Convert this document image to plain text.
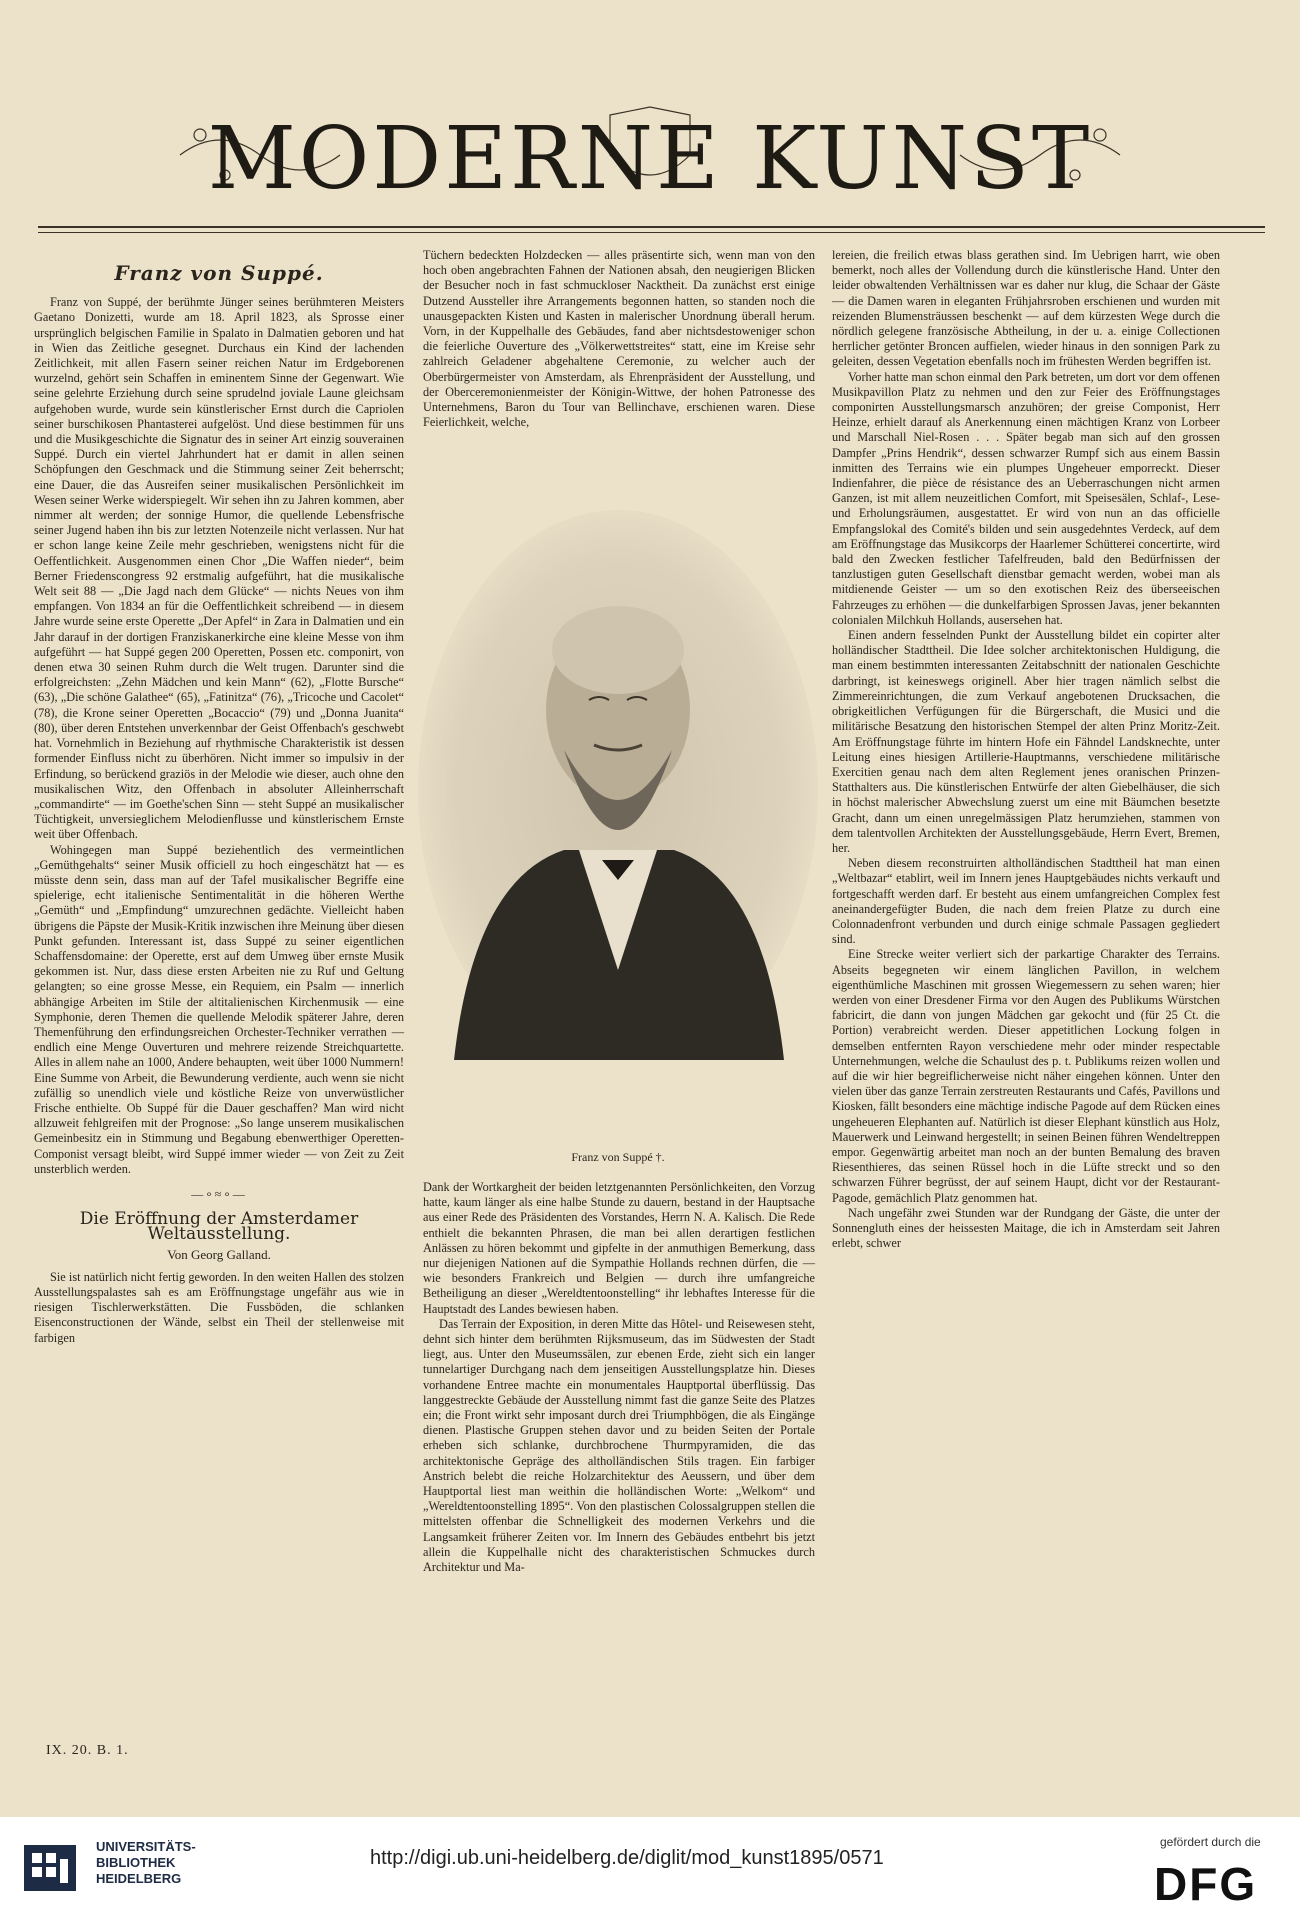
MODERNE KUNST
Franz von Suppé.

Franz von Suppé, der berühmte Jünger seines berühmteren Meisters Gaetano Donizetti, wurde am 18. April 1823, als Sprosse einer ursprünglich belgischen Familie in Spalato in Dalmatien geboren und hat in Wien das Zeitliche gesegnet. Durchaus ein Kind der lachenden Zeitlichkeit, mit allen Fasern seiner reichen Natur im Erdgeborenen wurzelnd, gehört sein Schaffen in eminentem Sinne der Gegenwart. Wie seine gelehrte Erziehung durch seine sprudelnd joviale Laune gleichsam aufgehoben wurde, wurde sein künstlerischer Ernst durch die Capriolen seiner burschikosen Phantasterei aufgelöst. Und diese bestimmen für uns und die Musikgeschichte die Signatur des in seiner Art einzig souverainen Suppé. Durch ein viertel Jahrhundert hat er damit in allen seinen Schöpfungen den Geschmack und die Stimmung seiner Zeit beherrscht; eine Dauer, die das Ausreifen seiner musikalischen Persönlichkeit im Wesen seiner Werke widerspiegelt. Wir sehen ihn zu Jahren kommen, aber nimmer alt werden; der sonnige Humor, die quellende Lebensfrische seiner Jugend haben ihn bis zur letzten Notenzeile nicht verlassen. Nur hat er schon lange keine Zeile mehr geschrieben, wenigstens nicht für die Oeffentlichkeit. Ausgenommen einen Chor „Die Waffen nieder“, beim Berner Friedenscongress 92 erstmalig aufgeführt, hat die musikalische Welt seit 88 — „Die Jagd nach dem Glücke“ — nichts Neues von ihm empfangen. Von 1834 an für die Oeffentlichkeit schreibend — in diesem Jahre wurde seine erste Operette „Der Apfel“ in Zara in Dalmatien und ein Jahr darauf in der dortigen Franziskanerkirche eine kleine Messe von ihm aufgeführt — hat Suppé gegen 200 Operetten, Possen etc. componirt, von denen etwa 30 seinen Ruhm durch die Welt trugen. Darunter sind die erfolgreichsten: „Zehn Mädchen und kein Mann“ (62), „Flotte Bursche“ (63), „Die schöne Galathee“ (65), „Fatinitza“ (76), „Tricoche und Cacolet“ (78), die Krone seiner Operetten „Bocaccio“ (79) und „Donna Juanita“ (80), über deren Entstehen unverkennbar der Geist Offenbach's geschwebt hat. Vornehmlich in Beziehung auf rhythmische Charakteristik ist dessen formender Einfluss nicht zu überhören. Nicht immer so impulsiv in der Erfindung, so berückend graziös in der Melodie wie dieser, auch ohne den musikalischen Witz, den Offenbach in absoluter Alleinherrschaft „commandirte“ — im Goethe'schen Sinn — steht Suppé an musikalischer Tüchtigkeit, unversieglichem Melodienflusse und künstlerischem Ernste weit über Offenbach.

Wohingegen man Suppé beziehentlich des vermeintlichen „Gemüthgehalts“ seiner Musik officiell zu hoch eingeschätzt hat — es müsste denn sein, dass man auf der Tafel musikalischer Begriffe eine spielerige, echt italienische Sentimentalität in die höheren Werthe „Gemüth“ und „Empfindung“ umzurechnen gedächte. Vielleicht haben übrigens die Päpste der Musik-Kritik inzwischen ihre Meinung über diesen Punkt gefunden. Interessant ist, dass Suppé zu seiner eigentlichen Schaffensdomaine: der Operette, erst auf dem Umweg über ernste Musik gekommen ist. Nur, dass diese ersten Arbeiten nie zu Ruf und Geltung gelangten; so eine grosse Messe, ein Requiem, ein Psalm — innerlich abhängige Arbeiten im Stile der altitalienischen Kirchenmusik — eine Symphonie, deren Themen die quellende Melodik späterer Jahre, deren Themenführung den erfindungsreichen Orchester-Techniker verrathen — endlich eine Menge Ouverturen und mehrere reizende Streichquartette. Alles in allem nahe an 1000, Andere behaupten, weit über 1000 Nummern! Eine Summe von Arbeit, die Bewunderung verdiente, auch wenn sie nicht zufällig so unendlich viele und köstliche Reize von unverwüstlicher Frische enthielte. Ob Suppé für die Dauer geschaffen? Man wird nicht allzuweit fehlgreifen mit der Prognose: „So lange unserem musikalischen Gemeinbesitz ein in Stimmung und Begabung ebenwerthiger Operetten-Componist versagt bleibt, wird Suppé immer wieder — von Zeit zu Zeit unsterblich werden.

—∘≈∘—
Die Eröffnung der Amsterdamer Weltausstellung.
Von Georg Galland.

Sie ist natürlich nicht fertig geworden. In den weiten Hallen des stolzen Ausstellungspalastes sah es am Eröffnungstage ungefähr aus wie in riesigen Tischlerwerkstätten. Die Fussböden, die schlanken Eisenconstructionen der Wände, selbst ein Theil der stellenweise mit farbigen

Tüchern bedeckten Holzdecken — alles präsentirte sich, wenn man von den hoch oben angebrachten Fahnen der Nationen absah, den neugierigen Blicken der Besucher noch in fast schmuckloser Nacktheit. Da zunächst erst einige Dutzend Aussteller ihre Arrangements begonnen hatten, so standen noch die unausgepackten Kisten und Kasten in malerischer Unordnung überall herum. Vorn, in der Kuppelhalle des Gebäudes, fand aber nichtsdestoweniger schon die feierliche Ouverture des „Völkerwettstreites“ statt, eine im Kreise sehr zahlreich Geladener abgehaltene Ceremonie, zu welcher auch der Oberbürgermeister von Amsterdam, als Ehrenpräsident der Ausstellung, und der Oberceremonienmeister der Königin-Wittwe, der hohen Patronesse des Unternehmens, Baron du Tour van Bellinchave, erschienen waren. Diese Feierlichkeit, welche,

Franz von Suppé †.

Dank der Wortkargheit der beiden letztgenannten Persönlichkeiten, den Vorzug hatte, kaum länger als eine halbe Stunde zu dauern, bestand in der Hauptsache aus einer Rede des Präsidenten des Vorstandes, Herrn N. A. Kalisch. Die Rede enthielt die bekannten Phrasen, die man bei allen derartigen festlichen Anlässen zu hören bekommt und gipfelte in der anmuthigen Bemerkung, dass nur diejenigen Nationen auf die Sympathie Hollands rechnen dürfen, die — wie besonders Frankreich und Belgien — durch ihre umfangreiche Betheiligung an dieser „Wereldtentoonstelling“ ihr lebhaftes Interesse für die Hauptstadt des Landes bewiesen haben.

Das Terrain der Exposition, in deren Mitte das Hôtel- und Reisewesen steht, dehnt sich hinter dem berühmten Rijksmuseum, das im Südwesten der Stadt liegt, aus. Unter den Museumssälen, zur ebenen Erde, zieht sich ein langer tunnelartiger Durchgang nach dem jenseitigen Ausstellungsplatze hin. Dieses vorhandene Entree machte ein monumentales Hauptportal überflüssig. Das langgestreckte Gebäude der Ausstellung nimmt fast die ganze Seite des Platzes ein; die Front wirkt sehr imposant durch drei Triumphbögen, die als Eingänge dienen. Plastische Gruppen stehen davor und zu beiden Seiten der Portale erheben sich schlanke, durchbrochene Thurmpyramiden, die das architektonische Gepräge des altholländischen Stils tragen. Ein farbiger Anstrich belebt die reiche Holzarchitektur des Aeussern, und über dem Hauptportal liest man weithin die holländischen Worte: „Welkom“ und „Wereldtentoonstelling 1895“. Von den plastischen Colossalgruppen stellen die mittelsten offenbar die Schnelligkeit des modernen Verkehrs und die Langsamkeit früherer Zeiten vor. Im Innern des Gebäudes entbehrt bis jetzt allein die Kuppelhalle nicht des charakteristischen Schmuckes durch Architektur und Ma-

lereien, die freilich etwas blass gerathen sind. Im Uebrigen harrt, wie oben bemerkt, noch alles der Vollendung durch die künstlerische Hand. Unter den leider obwaltenden Verhältnissen war es daher nur klug, die Schaar der Gäste — die Damen waren in eleganten Frühjahrsroben erschienen und wurden mit reizenden Blumensträussen beschenkt — auf dem kürzesten Wege durch die nördlich gelegene französische Abtheilung, in der u. a. einige Collectionen herrlicher getönter Broncen auffielen, wieder hinaus in den sonnigen Park zu geleiten, dessen Vegetation ebenfalls noch im frühesten Werden begriffen ist.

Vorher hatte man schon einmal den Park betreten, um dort vor dem offenen Musikpavillon Platz zu nehmen und den zur Feier des Eröffnungstages componirten Ausstellungsmarsch anzuhören; der greise Componist, Herr Heinze, erhielt darauf als Anerkennung einen mächtigen Kranz von Lorbeer und Marschall Niel-Rosen . . . Später begab man sich auf den grossen Dampfer „Prins Hendrik“, dessen schwarzer Rumpf sich aus einem Bassin inmitten des Terrains wie ein plumpes Ungeheuer emporreckt. Dieser Indienfahrer, die pièce de résistance des an Ueberraschungen nicht armen Ganzen, ist mit allem neuzeitlichen Comfort, mit Speisesälen, Schlaf-, Lese- und Erholungsräumen, ausgestattet. Er wird von nun an das officielle Empfangslokal des Comité's bilden und sein ausgedehntes Verdeck, auf dem am Eröffnungstage das Musikcorps der Haarlemer Schütterei concertirte, wird bald den Zwecken festlicher Tafelfreuden, bald den Bedürfnissen der tanzlustigen guten Gesellschaft dienstbar gemacht werden, wobei man als mitdienende Geister — um so den exotischen Reiz des überseeischen Fahrzeuges zu erhöhen — die dunkelfarbigen Sprossen Javas, jener bekannten colonialen Milchkuh Hollands, ausersehen hat.

Einen andern fesselnden Punkt der Ausstellung bildet ein copirter alter holländischer Stadttheil. Die Idee solcher architektonischen Huldigung, die man einem bestimmten interessanten Zeitabschnitt der nationalen Geschichte darbringt, ist keineswegs originell. Aber hier tragen nämlich selbst die Zimmereinrichtungen, die zum Verkauf angebotenen Drucksachen, die obrigkeitlichen Verfügungen für die Bürgerschaft, die Musici und die militärische Besatzung den historischen Stempel der alten Prinz Moritz-Zeit. Am Eröffnungstage führte im hintern Hofe ein Fähndel Landsknechte, unter Leitung eines hiesigen Artillerie-Hauptmanns, verschiedene militärische Exercitien genau nach dem alten Reglement jenes oranischen Prinzen-Statthalters aus. Die künstlerischen Entwürfe der alten Giebelhäuser, die sich in höchst malerischer Abwechslung zuerst um eine mit Bäumchen besetzte Gracht, dann um einen unregelmässigen Platz herumziehen, stammen von dem talentvollen Architekten der Ausstellungsgebäude, Herrn Evert, Bremen, her.

Neben diesem reconstruirten altholländischen Stadttheil hat man einen „Weltbazar“ etablirt, weil im Innern jenes Hauptgebäudes nichts verkauft und fortgeschafft werden darf. Er besteht aus einem umfangreichen Complex fest aneinandergefügter Buden, die nach dem freien Platze zu durch eine Colonnadenfront verbunden und durch einige schmale Passagen gegliedert sind.

Eine Strecke weiter verliert sich der parkartige Charakter des Terrains. Abseits begegneten wir einem länglichen Pavillon, in welchem eigenthümliche Maschinen mit grossen Wiegemessern zu sehen waren; hier werden von einer Dresdener Firma vor den Augen des Publikums Würstchen fabricirt, die dann von jungen Mädchen gar gekocht und (für 25 Ct. die Portion) verabreicht werden. Dieser appetitlichen Lockung folgen in demselben entfernten Rayon verschiedene mehr oder minder respectable Unternehmungen, welche die Schaulust des p. t. Publikums reizen wollen und auf die wir hier begreiflicherweise nicht näher eingehen können. Unter den vielen über das ganze Terrain zerstreuten Restaurants und Cafés, Pavillons und Kiosken, fällt besonders eine mächtige indische Pagode auf dem Rücken eines ungeheueren Elephanten auf. Natürlich ist dieser Elephant künstlich aus Holz, Mauerwerk und Leinwand hergestellt; in seinen Beinen führen Wendeltreppen empor. Gegenwärtig arbeitet man noch an der bunten Bemalung des braven Riesenthieres, das seinen Rüssel hoch in die Lüfte streckt und so den schwarzen Führer begrüsst, der auf seinem Haupt, dicht vor der Restaurant-Pagode, gemächlich Platz genommen hat.

Nach ungefähr zwei Stunden war der Rundgang der Gäste, die unter der Sonnengluth eines der heissesten Maitage, die ich in Amsterdam seit Jahren erlebt, schwer

IX. 20. B. 1.
UNIVERSITÄTS-
BIBLIOTHEK
HEIDELBERG
http://digi.ub.uni-heidelberg.de/diglit/mod_kunst1895/0571
gefördert durch die
DFG
